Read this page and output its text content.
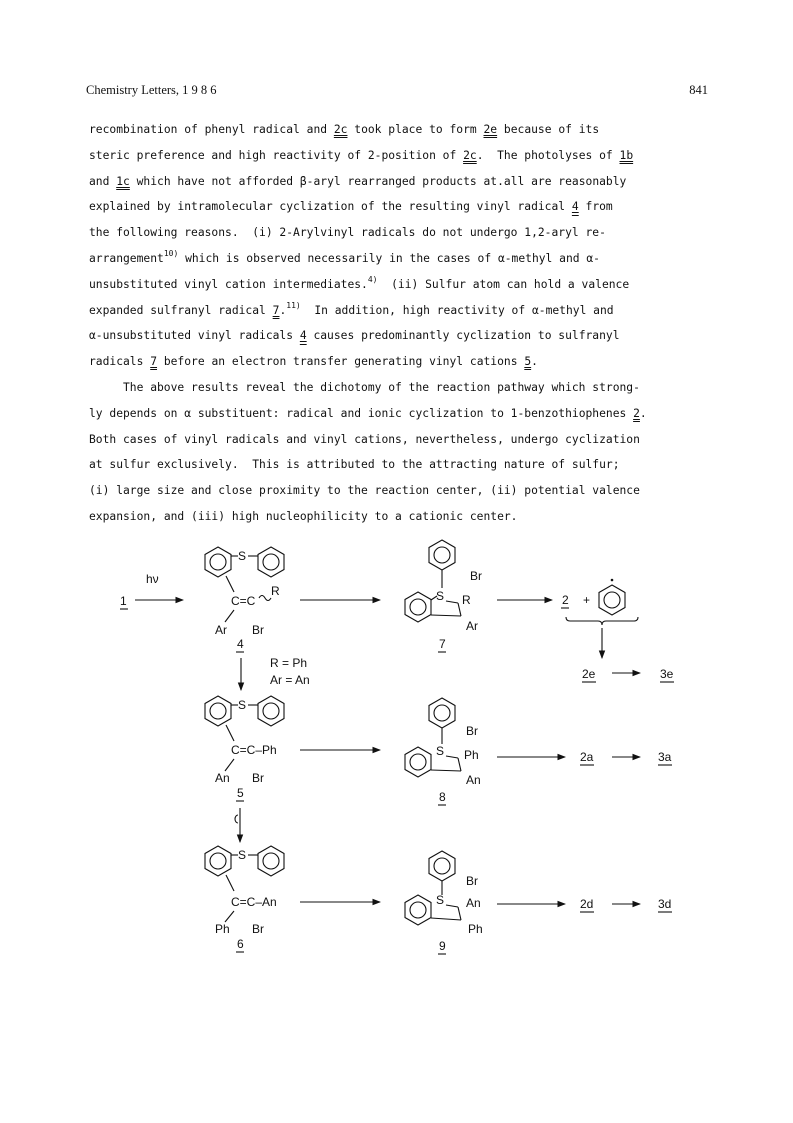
Chemistry Letters, 1 9 8 6	841
recombination of phenyl radical and 2c took place to form 2e because of its
steric preference and high reactivity of 2-position of 2c.  The photolyses of 1b
and 1c which have not afforded β-aryl rearranged products at.all are reasonably
explained by intramolecular cyclization of the resulting vinyl radical 4 from
the following reasons.  (i) 2-Arylvinyl radicals do not undergo 1,2-aryl re-
arrangement$^{10)}$ which is observed necessarily in the cases of α-methyl and α-
unsubstituted vinyl cation intermediates.$^{4)}$  (ii) Sulfur atom can hold a valence
expanded sulfranyl radical 7.$^{11)}$  In addition, high reactivity of α-methyl and
α-unsubstituted vinyl radicals 4 causes predominantly cyclization to sulfranyl
radicals 7 before an electron transfer generating vinyl cations 5.
The above results reveal the dichotomy of the reaction pathway which strong-
ly depends on α substituent: radical and ionic cyclization to 1-benzothiophenes 2.
Both cases of vinyl radicals and vinyl cations, nevertheless, undergo cyclization
at sulfur exclusively.  This is attributed to the attracting nature of sulfur;
(i) large size and close proximity to the reaction center, (ii) potential valence
expansion, and (iii) high nucleophilicity to a cationic center.
hν
1
S
C=C
R
Ar Br
4
S
Br
R
Ar
7
2 +
2e	3e
R = Ph
Ar = An
S
C=C–Ph
An Br
5
S
Br
Ph
An
8
2a	3a
S
C=C–An
Ph Br
6
S
Br
An
Ph
9
2d	3d
